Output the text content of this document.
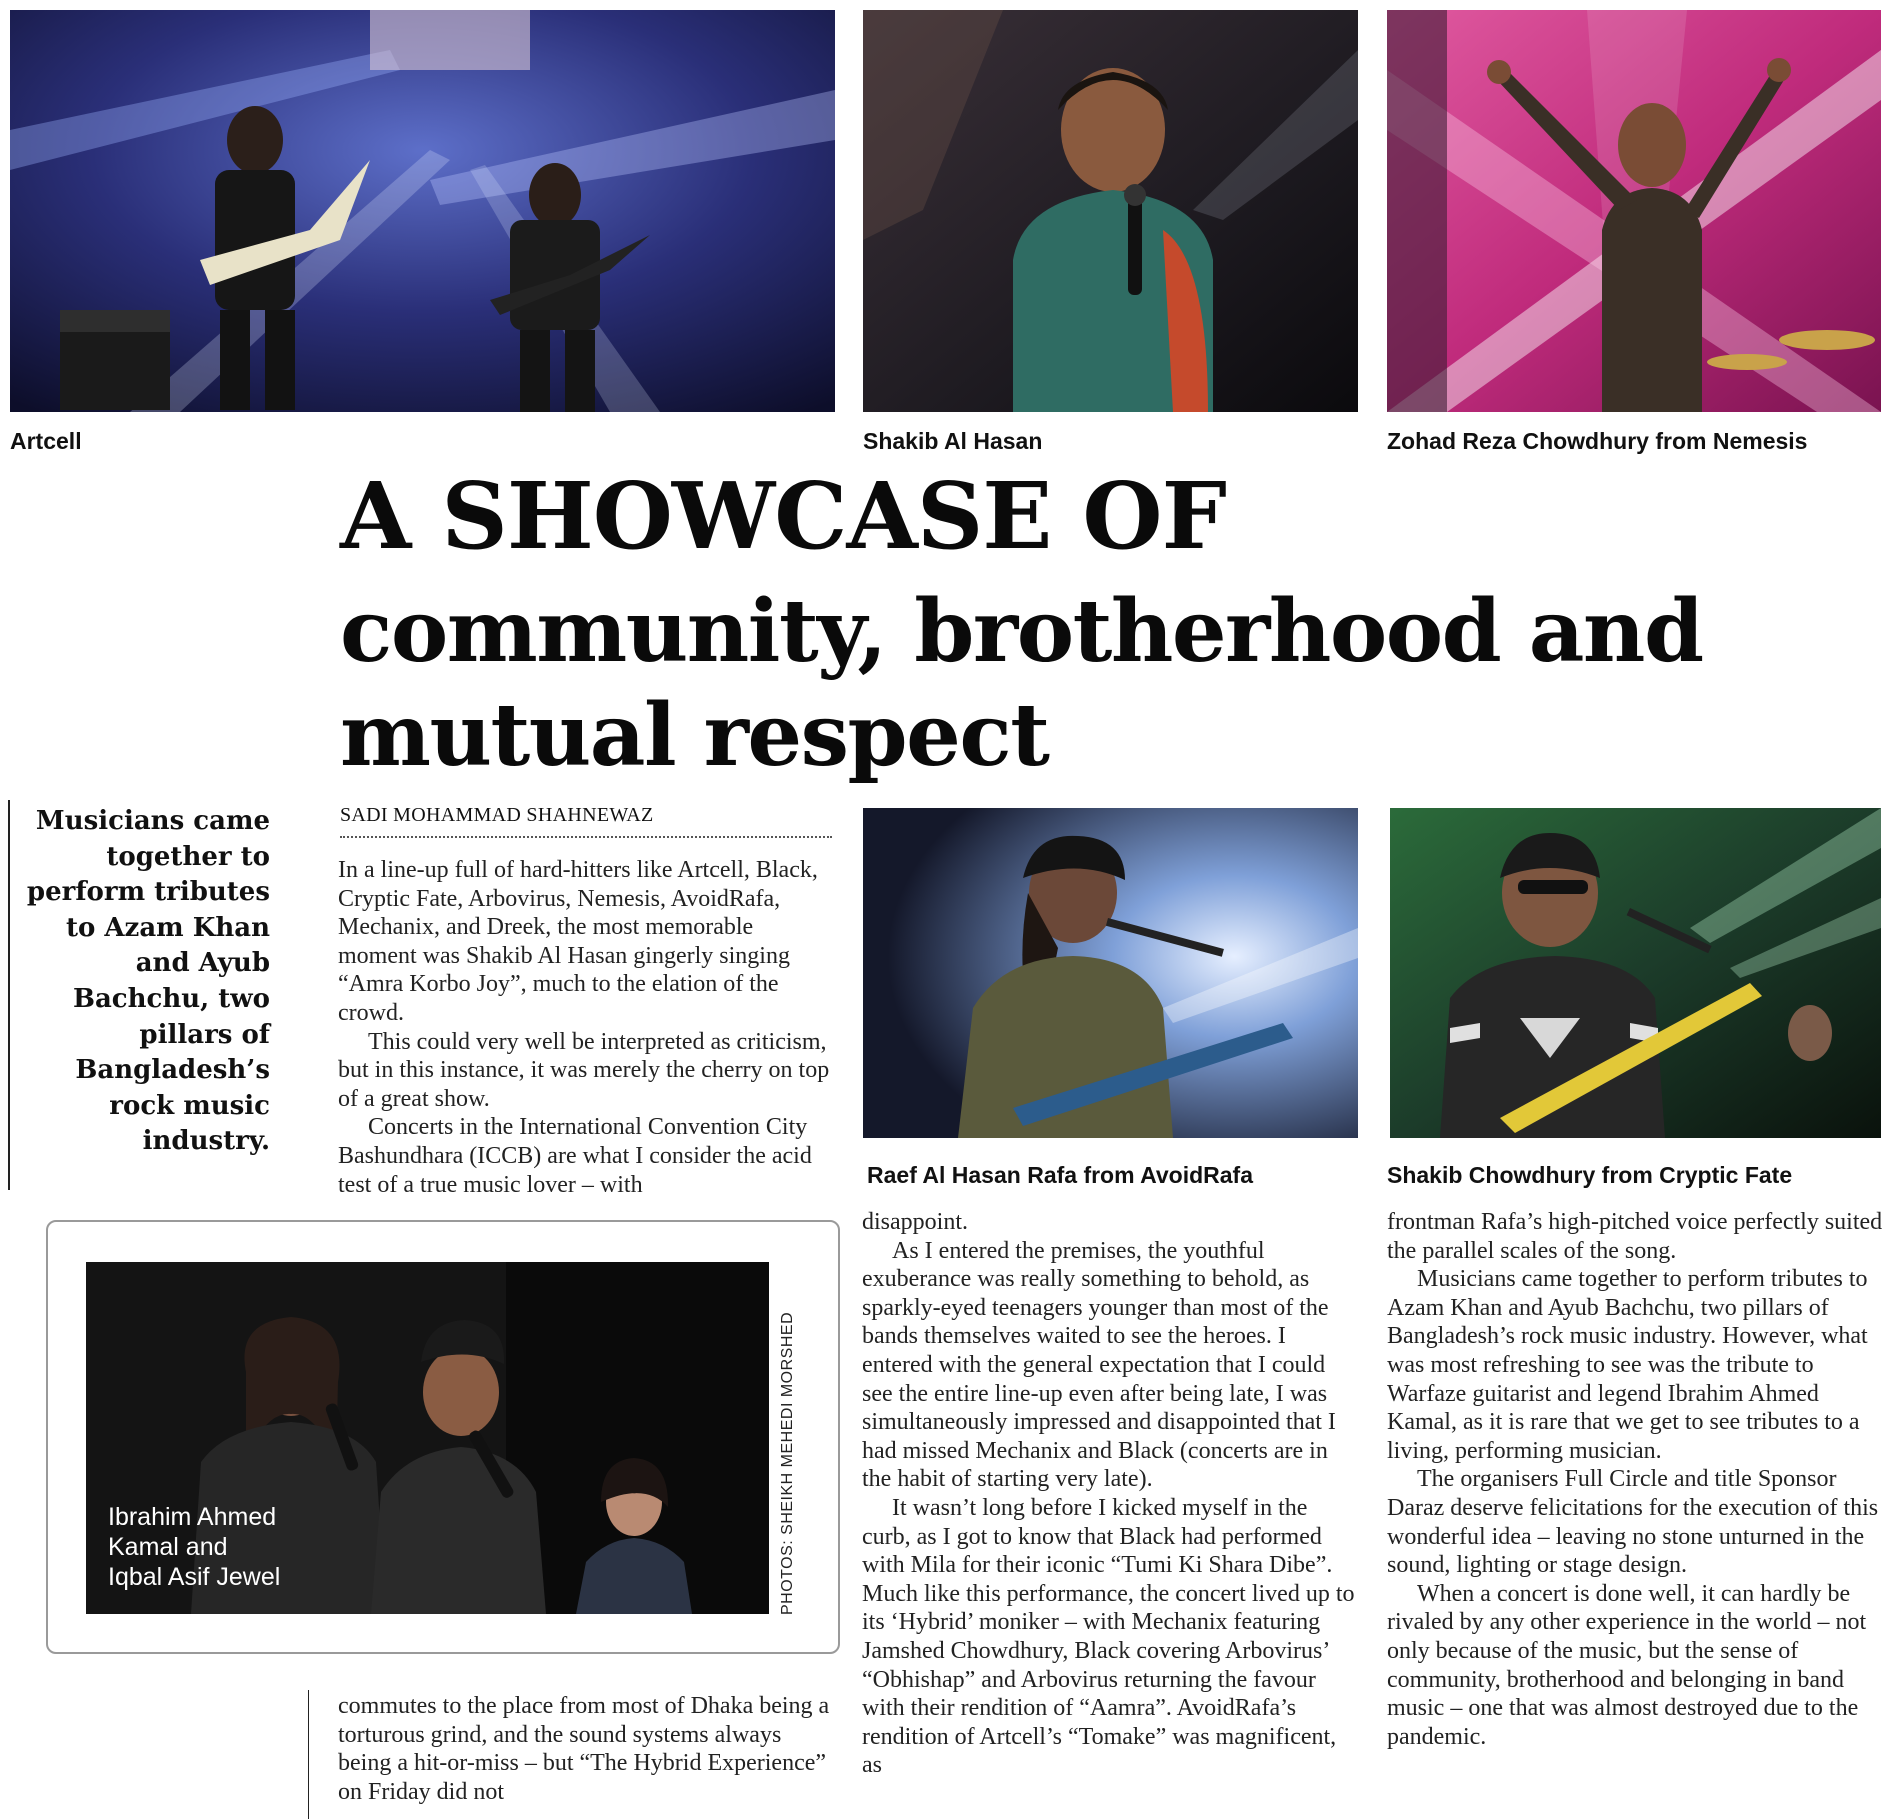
Artcell	Shakib Al Hasan	Zohad Reza Chowdhury from Nemesis
A SHOWCASE OF
community, brotherhood and mutual respect
Musicians came together to perform tributes to Azam Khan and Ayub Bachchu, two pillars of Bangladesh’s rock music industry.
SADI MOHAMMAD SHAHNEWAZ

In a line-up full of hard-hitters like Artcell, Black, Cryptic Fate, Arbovirus, Nemesis, AvoidRafa, Mechanix, and Dreek, the most memorable moment was Shakib Al Hasan gingerly singing “Amra Korbo Joy”, much to the elation of the crowd.

This could very well be interpreted as criticism, but in this instance, it was merely the cherry on top of a great show.

Concerts in the International Convention City Bashundhara (ICCB) are what I consider the acid test of a true music lover – with

Ibrahim Ahmed
Kamal and
Iqbal Asif Jewel	PHOTOS: SHEIKH MEHEDI MORSHED

commutes to the place from most of Dhaka being a torturous grind, and the sound systems always being a hit-or-miss – but “The Hybrid Experience” on Friday did not

Raef Al Hasan Rafa from AvoidRafa	Shakib Chowdhury from Cryptic Fate

disappoint.

As I entered the premises, the youthful exuberance was really something to behold, as sparkly-eyed teenagers younger than most of the bands themselves waited to see the heroes. I entered with the general expectation that I could see the entire line-up even after being late, I was simultaneously impressed and disappointed that I had missed Mechanix and Black (concerts are in the habit of starting very late).

It wasn’t long before I kicked myself in the curb, as I got to know that Black had performed with Mila for their iconic “Tumi Ki Shara Dibe”. Much like this performance, the concert lived up to its ‘Hybrid’ moniker – with Mechanix featuring Jamshed Chowdhury, Black covering Arbovirus’ “Obhishap” and Arbovirus returning the favour with their rendition of “Aamra”. AvoidRafa’s rendition of Artcell’s “Tomake” was magnificent, as

frontman Rafa’s high-pitched voice perfectly suited the parallel scales of the song.

Musicians came together to perform tributes to Azam Khan and Ayub Bachchu, two pillars of Bangladesh’s rock music industry. However, what was most refreshing to see was the tribute to Warfaze guitarist and legend Ibrahim Ahmed Kamal, as it is rare that we get to see tributes to a living, performing musician.

The organisers Full Circle and title Sponsor Daraz deserve felicitations for the execution of this wonderful idea – leaving no stone unturned in the sound, lighting or stage design.

When a concert is done well, it can hardly be rivaled by any other experience in the world – not only because of the music, but the sense of community, brotherhood and belonging in band music – one that was almost destroyed due to the pandemic.
